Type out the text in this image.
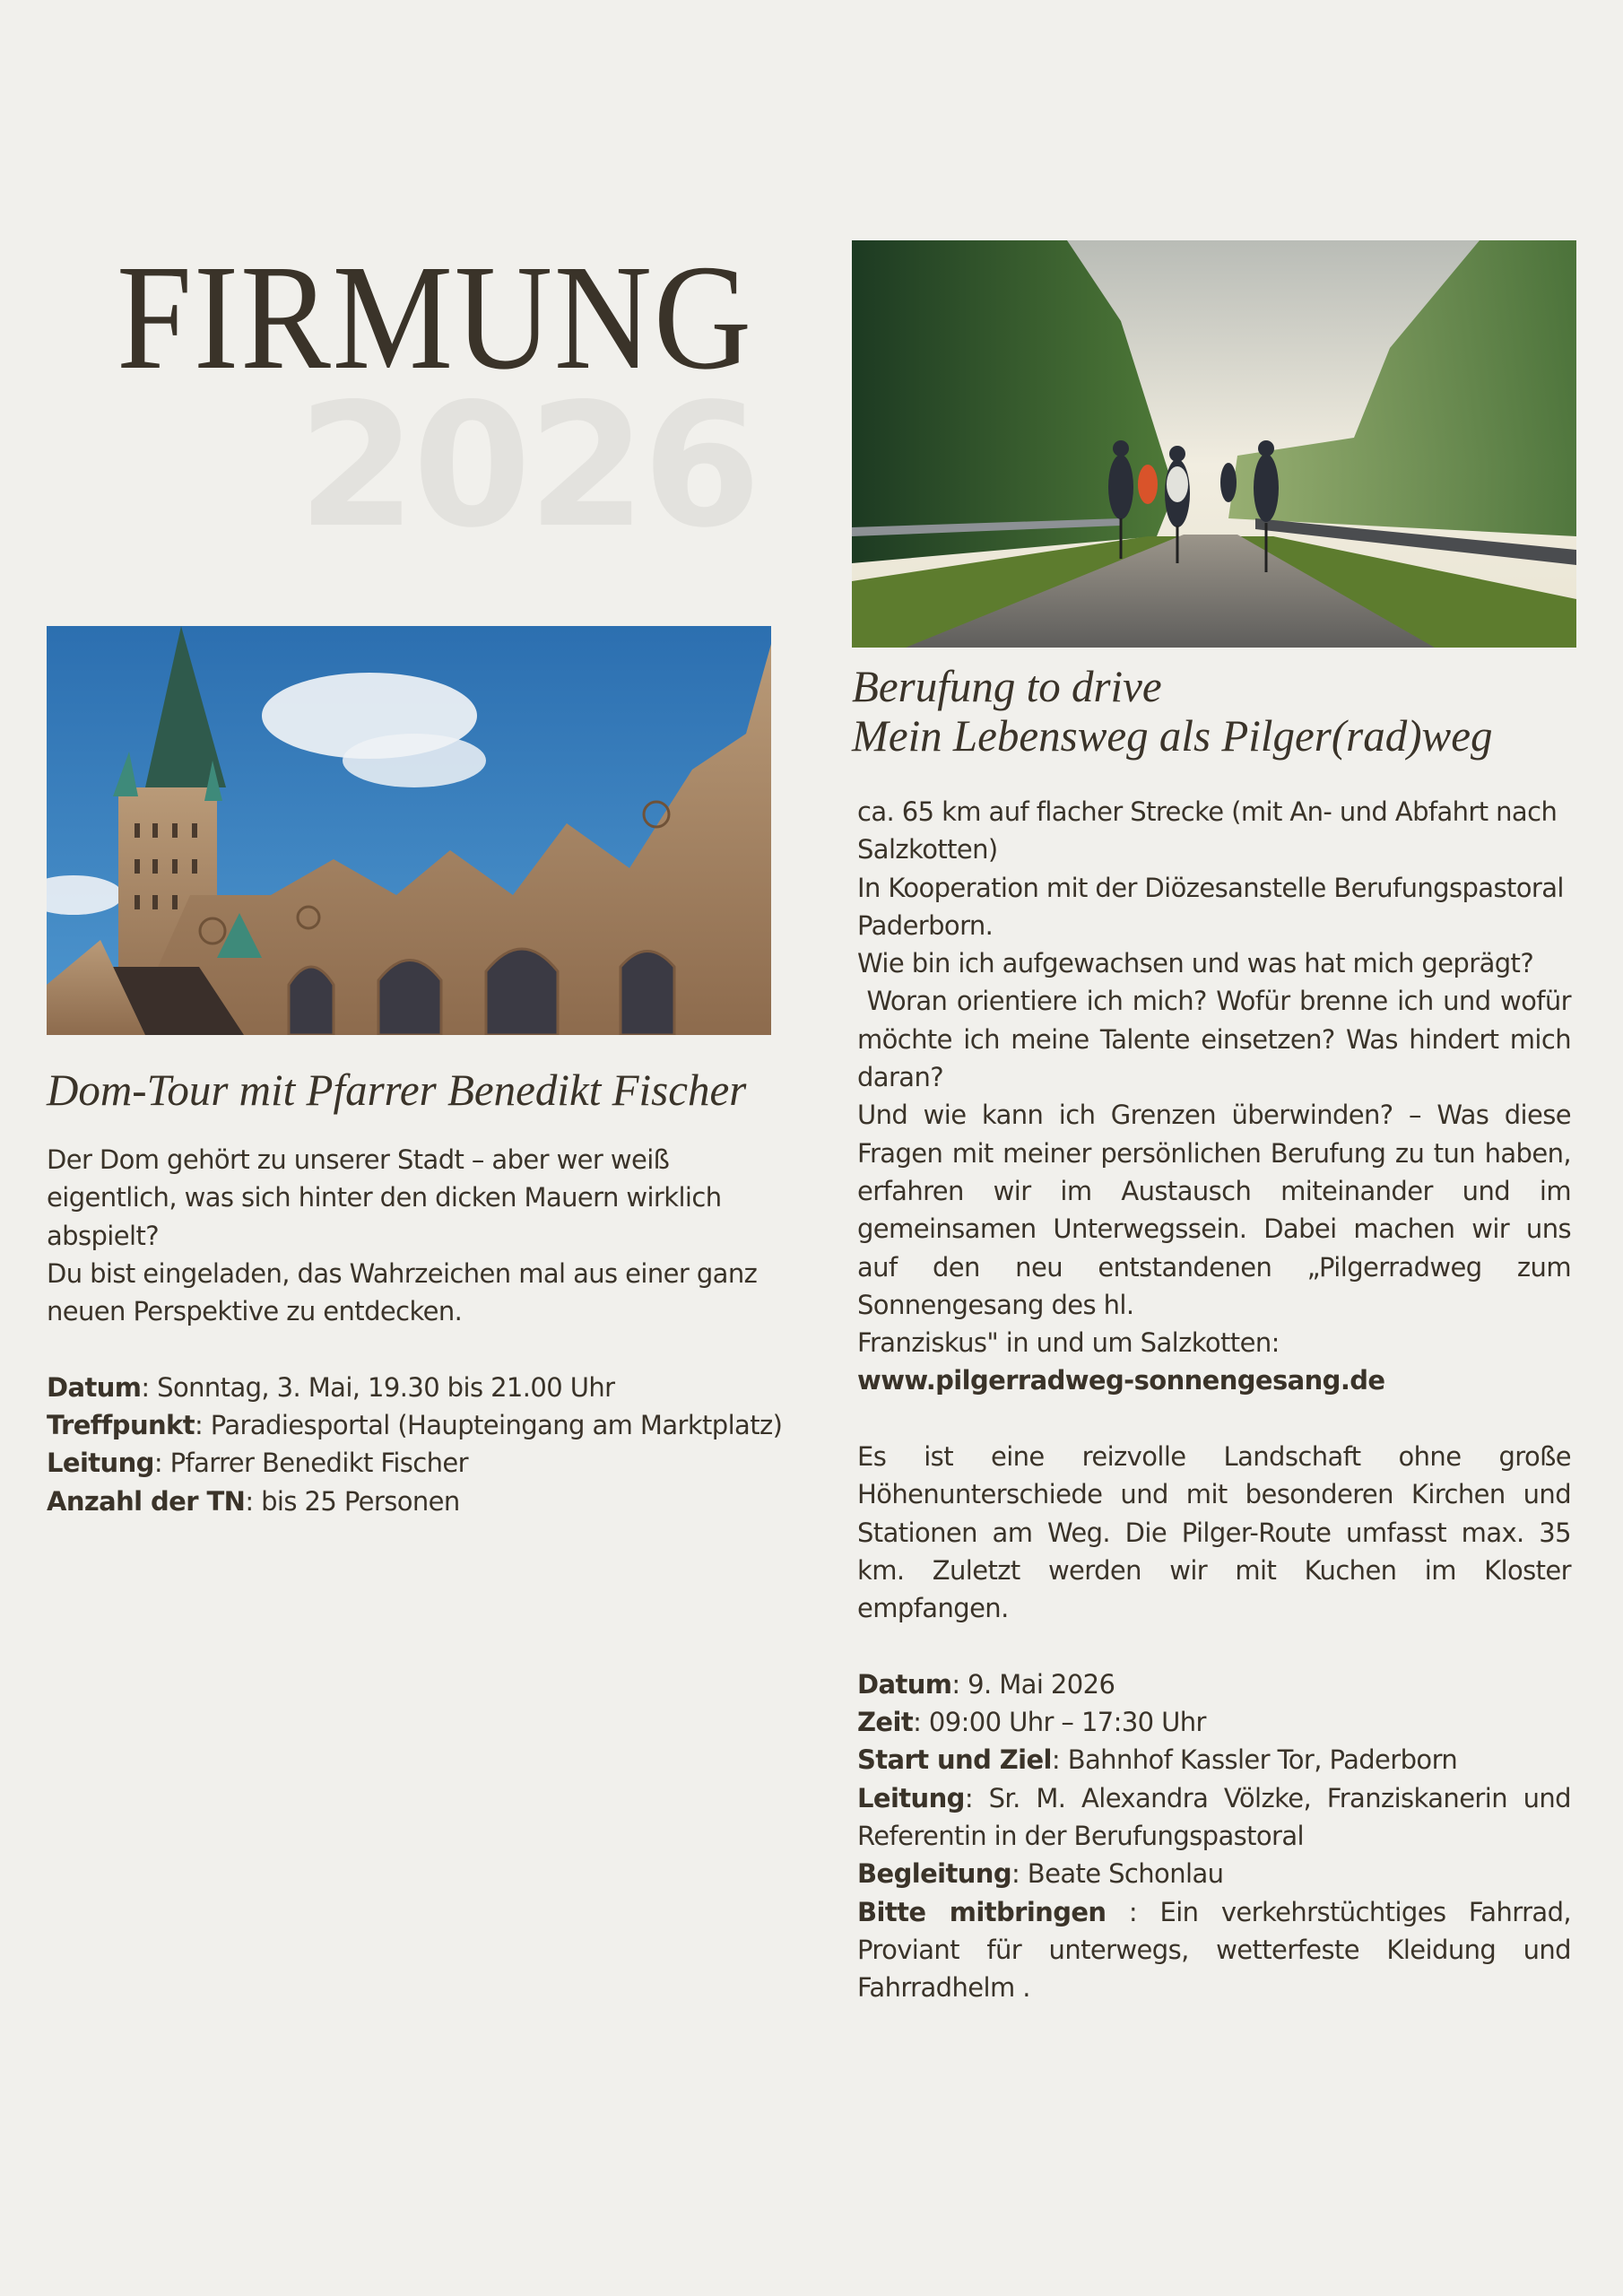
2026
FIRMUNG
Berufung to drive
Mein Lebensweg als Pilger(rad)weg
Dom-Tour mit Pfarrer Benedikt Fischer

Der Dom gehört zu unserer Stadt – aber wer weiß eigentlich, was sich hinter den dicken Mauern wirklich abspielt?

Du bist eingeladen, das Wahrzeichen mal aus einer ganz neuen Perspektive zu entdecken.

Datum: Sonntag, 3. Mai, 19.30 bis 21.00 Uhr

Treffpunkt: Paradiesportal (Haupteingang am Marktplatz)

Leitung: Pfarrer Benedikt Fischer

Anzahl der TN: bis 25 Personen

ca. 65 km auf flacher Strecke (mit An- und Abfahrt nach Salzkotten)

In Kooperation mit der Diözesanstelle Berufungspastoral Paderborn.

Wie bin ich aufgewachsen und was hat mich geprägt?

Woran orientiere ich mich? Wofür brenne ich und wofür möchte ich meine Talente einsetzen? Was hindert mich daran?

Und wie kann ich Grenzen überwinden? – Was diese Fragen mit meiner persönlichen Berufung zu tun haben, erfahren wir im Austausch miteinander und im gemeinsamen Unterwegssein. Dabei machen wir uns auf den neu entstandenen „Pilgerradweg zum Sonnengesang des hl.

Franziskus" in und um Salzkotten:

www.pilgerradweg-sonnengesang.de

Es ist eine reizvolle Landschaft ohne große Höhenunterschiede und mit besonderen Kirchen und Stationen am Weg. Die Pilger-Route umfasst max. 35 km. Zuletzt werden wir mit Kuchen im Kloster empfangen.

Datum: 9. Mai 2026

Zeit: 09:00 Uhr – 17:30 Uhr

Start und Ziel: Bahnhof Kassler Tor, Paderborn

Leitung: Sr. M. Alexandra Völzke, Franziskanerin und Referentin in der Berufungspastoral

Begleitung: Beate Schonlau

Bitte mitbringen : Ein verkehrstüchtiges Fahrrad, Proviant für unterwegs, wetterfeste Kleidung und Fahrradhelm .
